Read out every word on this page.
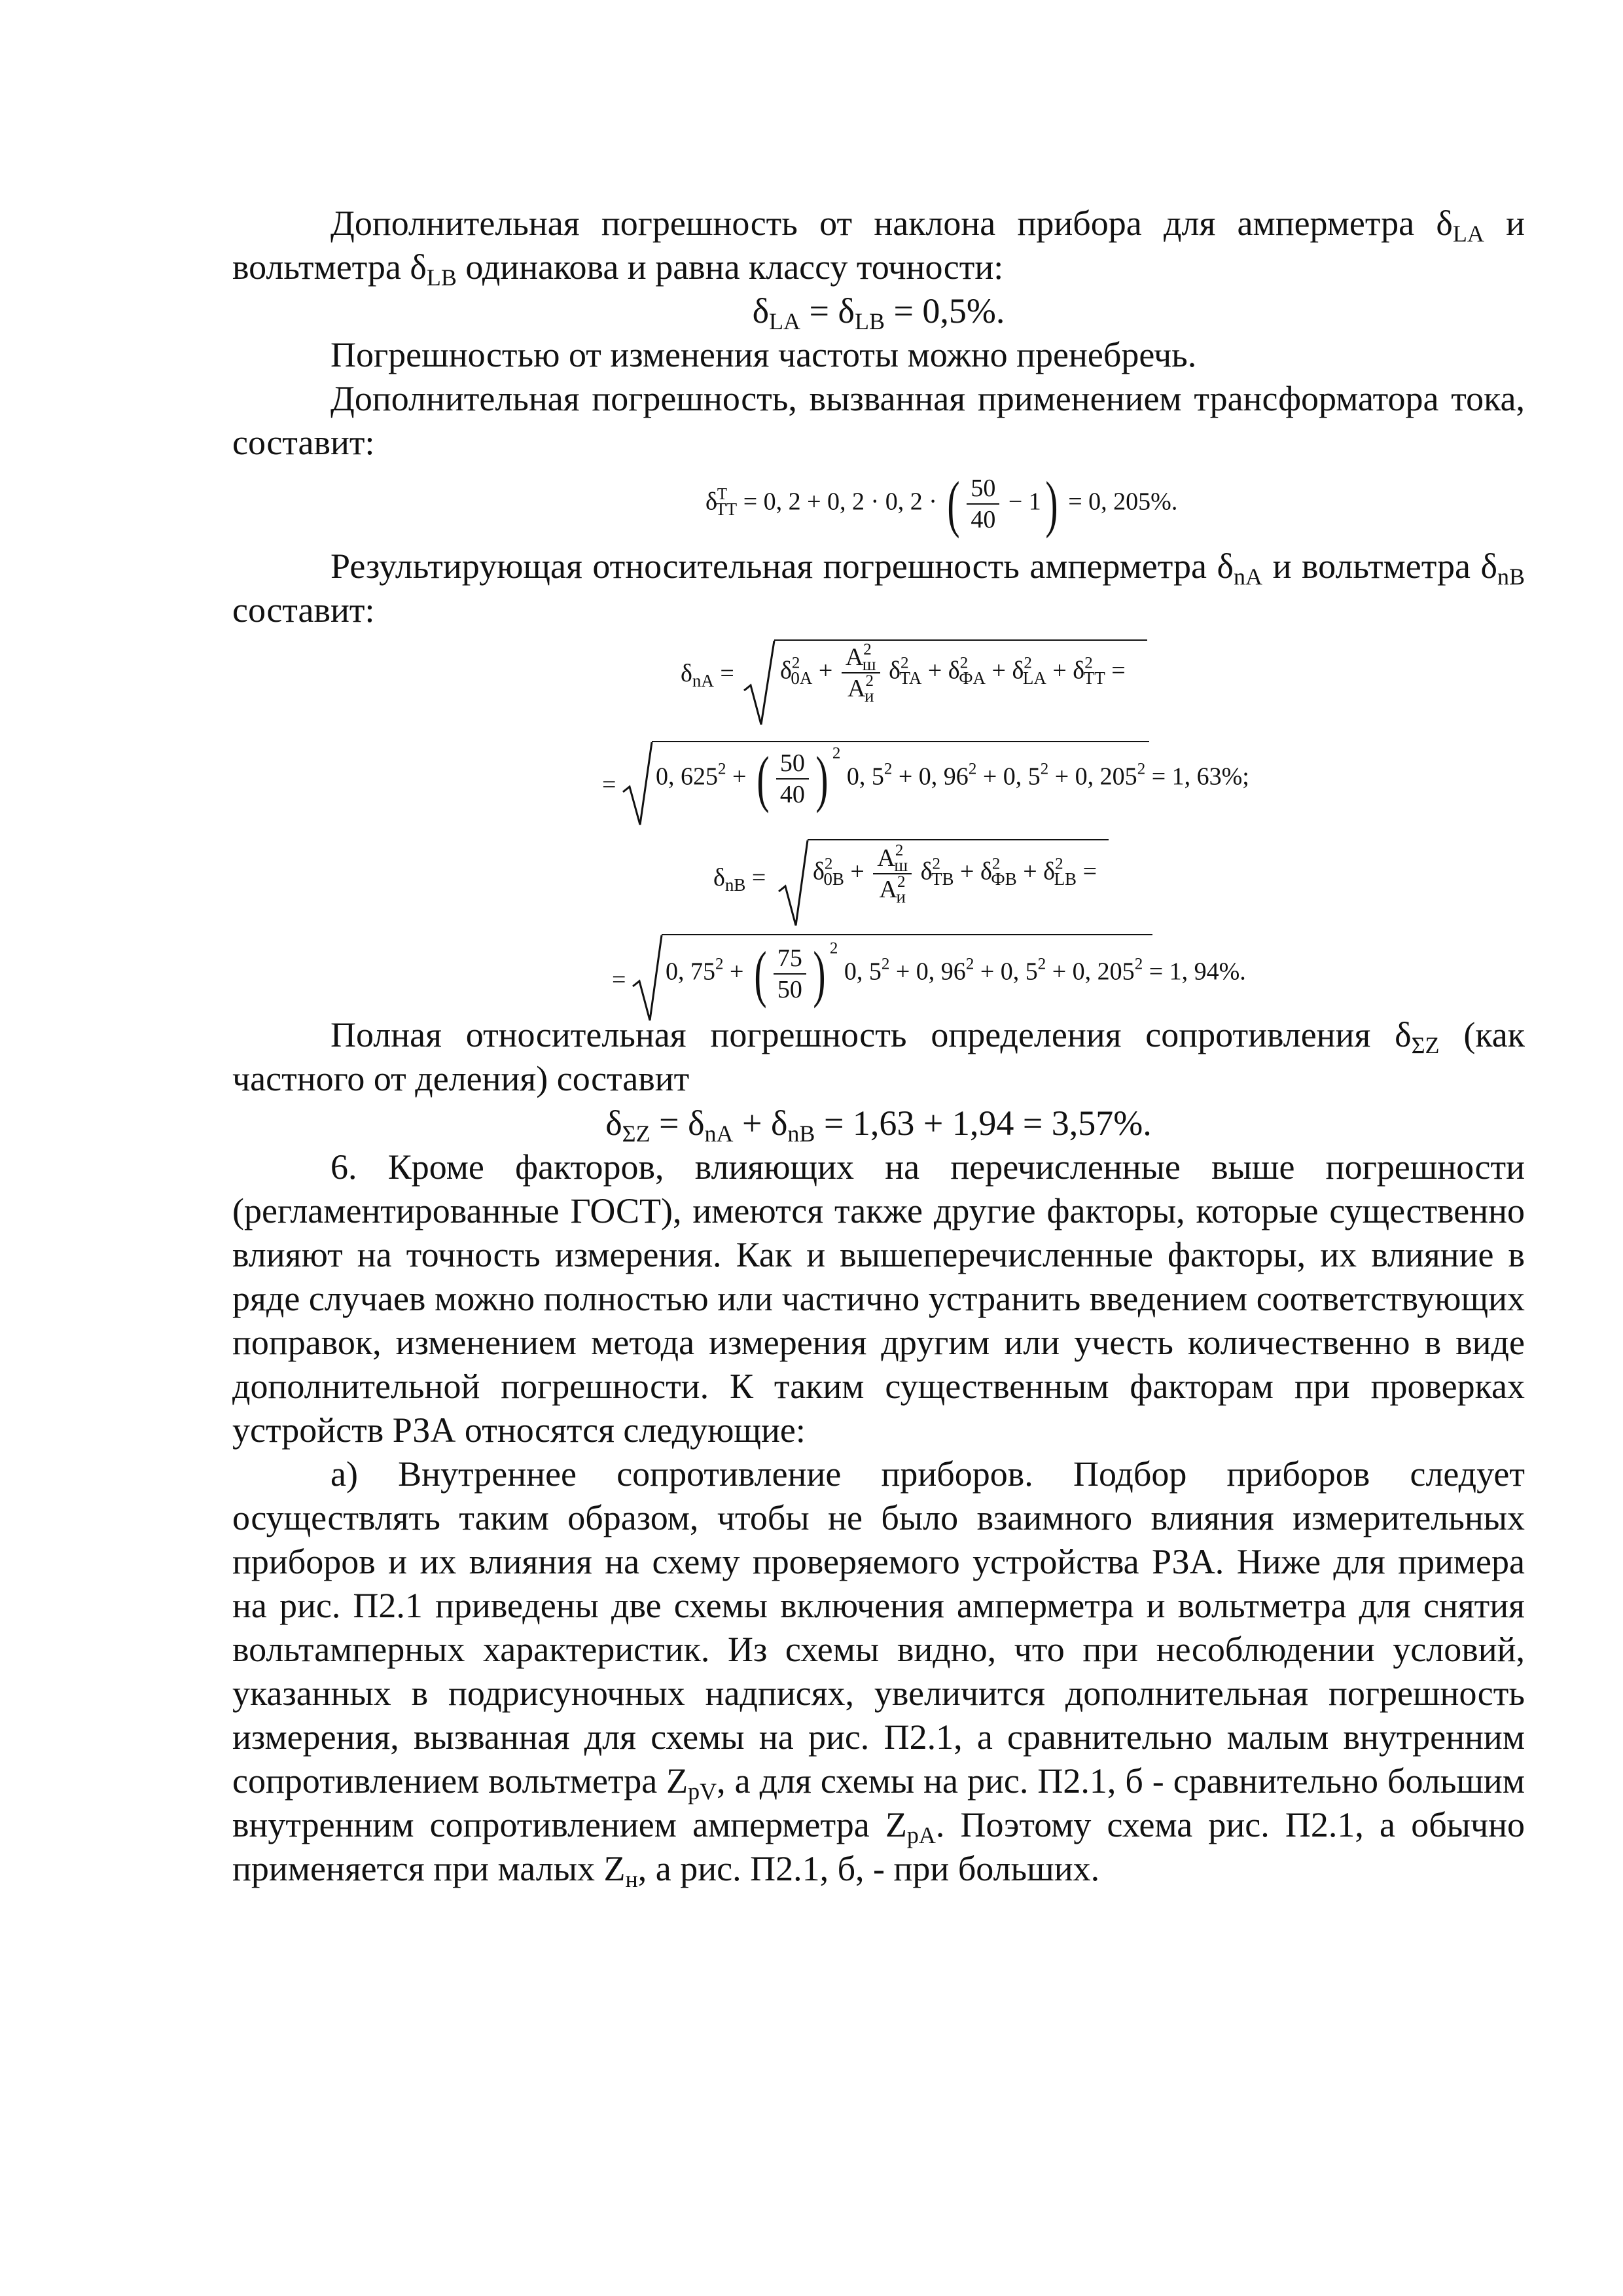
Дополнительная погрешность от наклона прибора для амперметра $\delta_{LA}$ и вольтметра $\delta_{LB}$ одинакова и равна классу точности:

$\delta_{LA} = \delta_{LB} = 0,5\%$.

Погрешностью от изменения частоты можно пренебречь.

Дополнительная погрешность, вызванная применением трансформатора тока, составит:

$\delta^T_{TT} = 0$, 2 + 0, 2 · 0, 2 · ( $\frac{50}{40} - 1) = 0$, 205%.

Результирующая относительная погрешность амперметра $\delta_{nA}$ и вольтметра $\delta_{nB}$ составит:

$\delta_{nA} = \delta^2_{0A} + \frac{A^2_ш}{A^2_и} \delta^2_{TA} + \delta^2_{ФA} + \delta^2_{LA} + \delta^2_{TT}$ =
= 0, $625^2$ + ( $\frac{50}{40}$ ) $^2$ 0, $5^2 + 0$, $96^2 + 0$, $5^2 + 0$, $205^2 = 1$, 63%;
$\delta_{nB} = \delta^2_{0B} + \frac{A^2_ш}{A^2_и} \delta^2_{TB} + \delta^2_{ФB} + \delta^2_{LB}$ =
= 0, $75^2$ + ( $\frac{75}{50}$ ) $^2$ 0, $5^2 + 0$, $96^2 + 0$, $5^2 + 0$, $205^2 = 1$, 94%.

Полная относительная погрешность определения сопротивления $\delta_{\Sigma Z}$ (как частного от деления) составит

$\delta_{\Sigma Z} = \delta_{nA} + \delta_{nB} = 1,63 + 1,94 = 3,57\%$.

6. Кроме факторов, влияющих на перечисленные выше погрешности (регламентированные ГОСТ), имеются также другие факторы, которые существенно влияют на точность измерения. Как и вышеперечисленные факторы, их влияние в ряде случаев можно полностью или частично устранить введением соответствующих поправок, изменением метода измерения другим или учесть количественно в виде дополнительной погрешности. К таким существенным факторам при проверках устройств РЗА относятся следующие:

а) Внутреннее сопротивление приборов. Подбор приборов следует осуществлять таким образом, чтобы не было взаимного влияния измерительных приборов и их влияния на схему проверяемого устройства РЗА. Ниже для примера на рис. П2.1 приведены две схемы включения амперметра и вольтметра для снятия вольтамперных характеристик. Из схемы видно, что при несоблюдении условий, указанных в подрисуночных надписях, увеличится дополнительная погрешность измерения, вызванная для схемы на рис. П2.1, а сравнительно малым внутренним сопротивлением вольтметра $Z_{pV}$, а для схемы на рис. П2.1, б - сравнительно большим внутренним сопротивлением амперметра $Z_{pA}$. Поэтому схема рис. П2.1, а обычно применяется при малых $Z_н$, а рис. П2.1, б, - при больших.
